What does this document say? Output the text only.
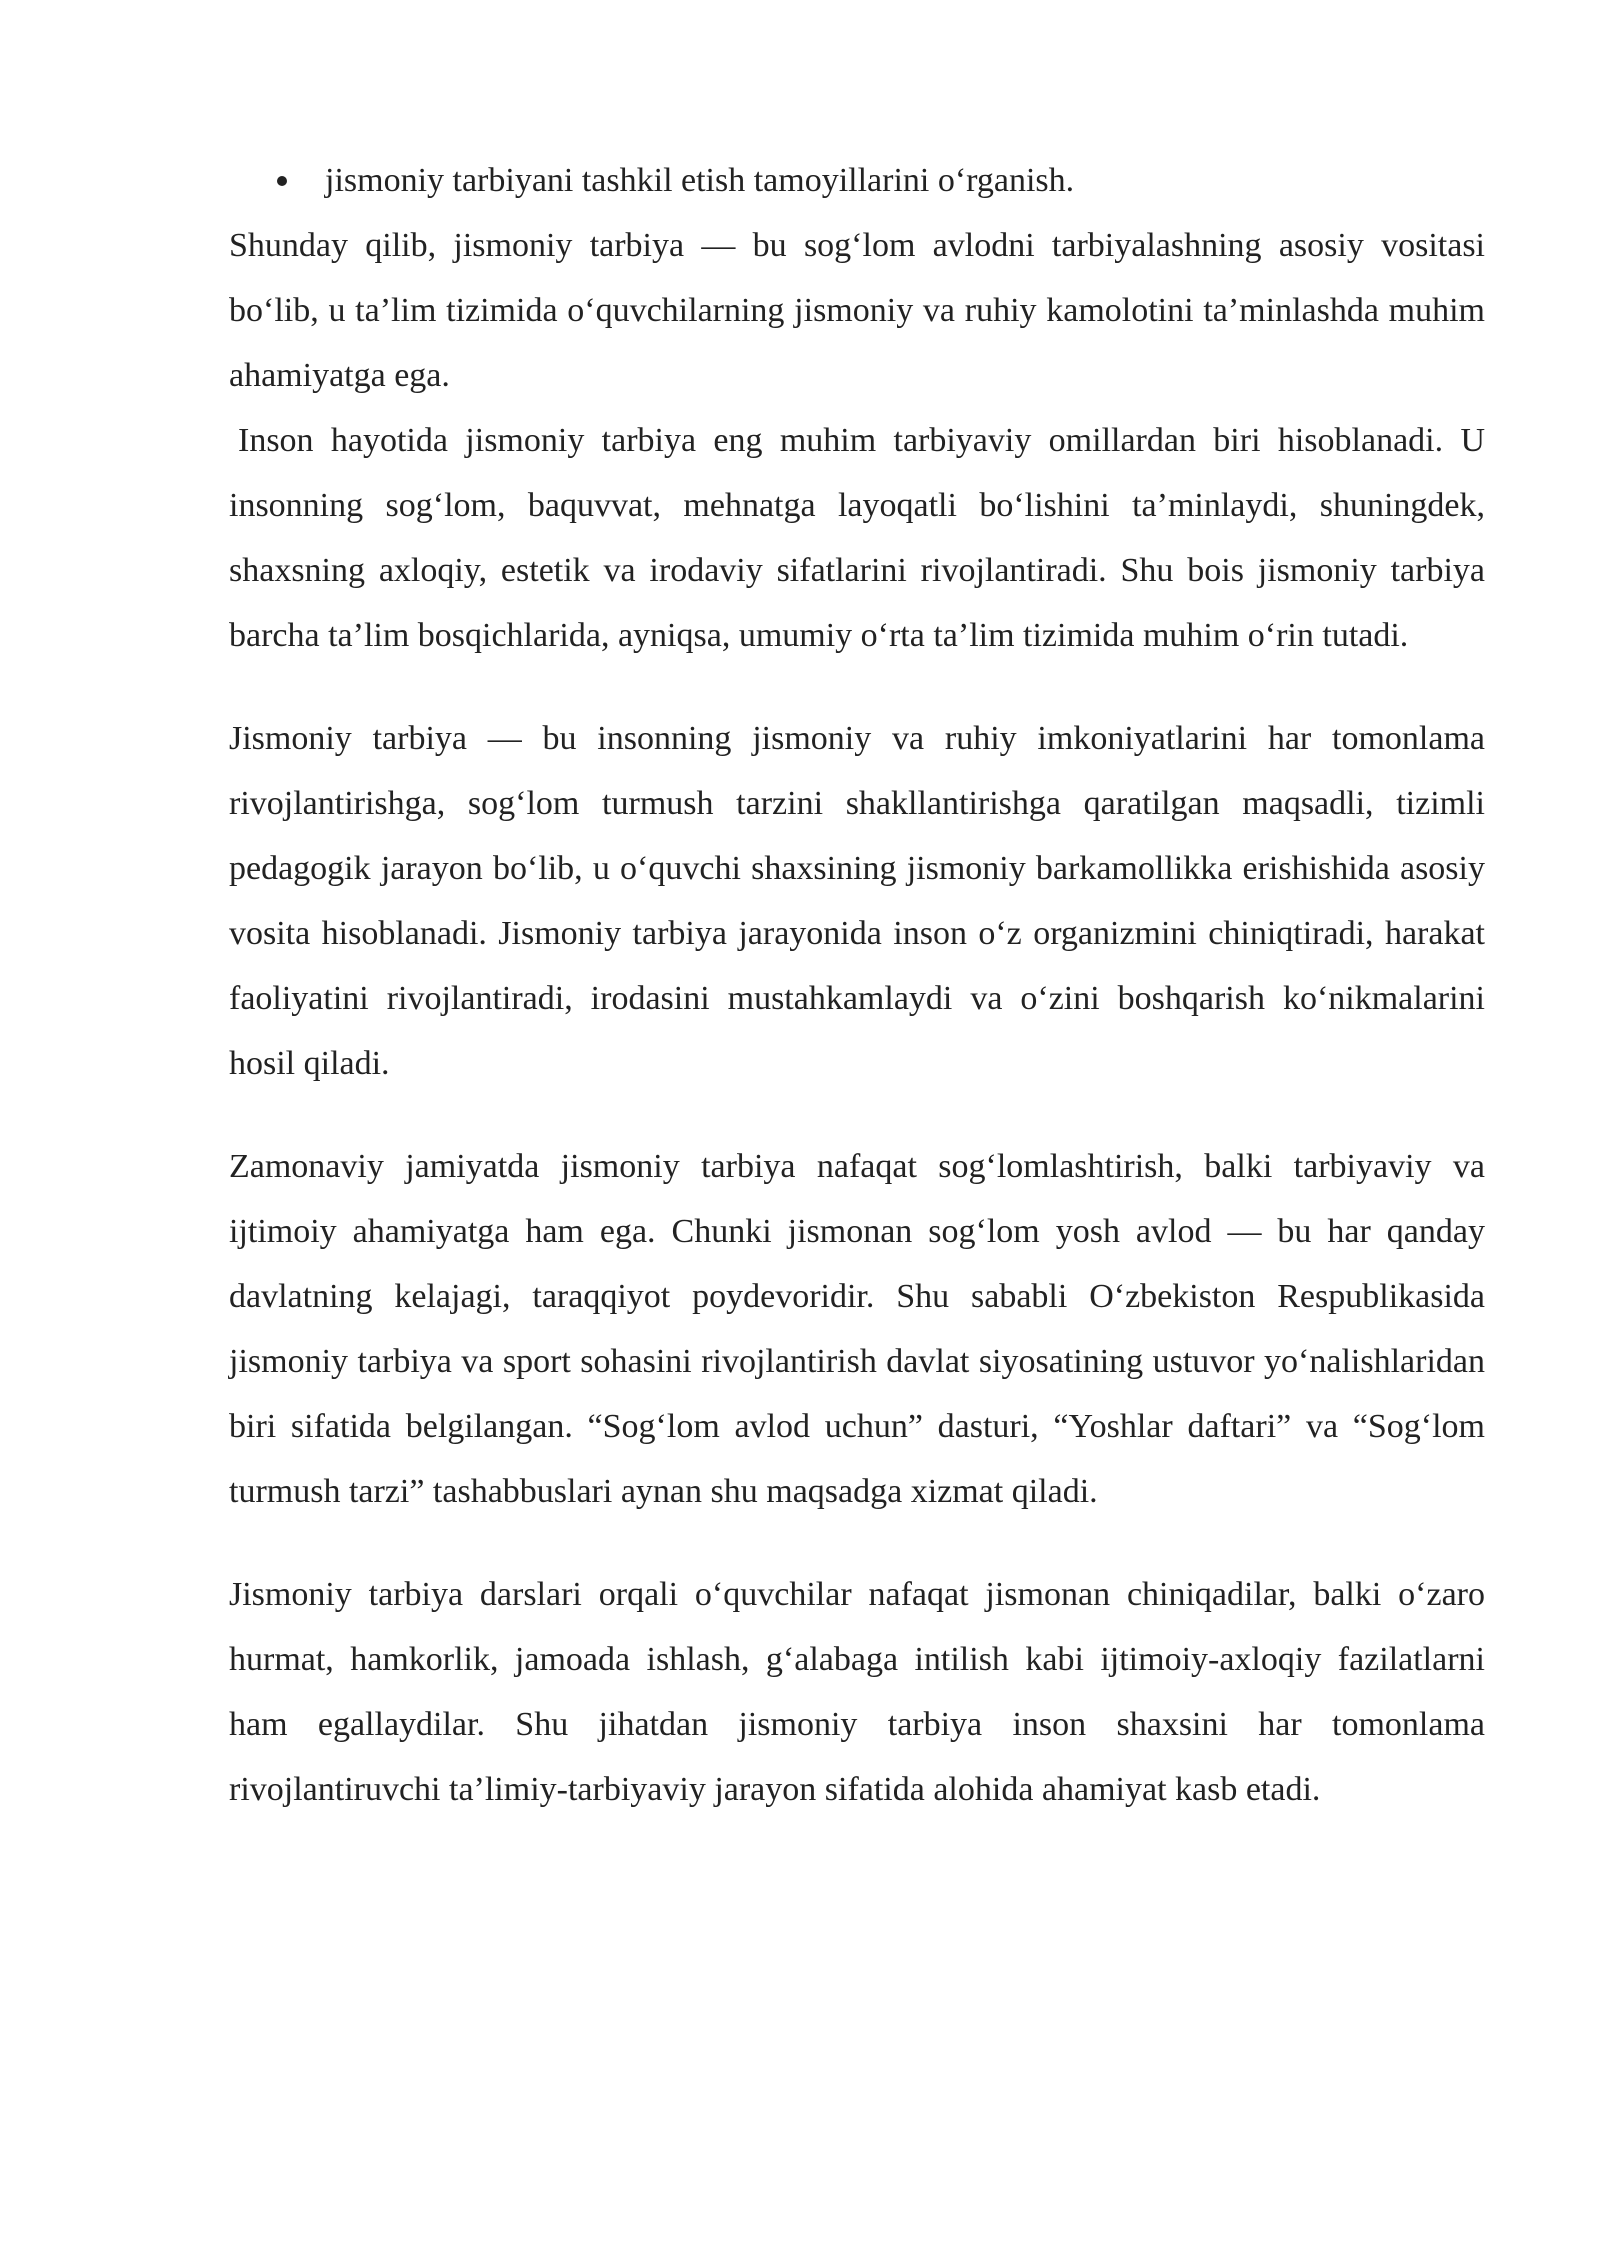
jismoniy tarbiyani tashkil etish tamoyillarini o‘rganish.

Shunday qilib, jismoniy tarbiya — bu sog‘lom avlodni tarbiyalashning asosiy vositasi bo‘lib, u ta’lim tizimida o‘quvchilarning jismoniy va ruhiy kamolotini ta’minlashda muhim ahamiyatga ega.

Inson hayotida jismoniy tarbiya eng muhim tarbiyaviy omillardan biri hisoblanadi. U insonning sog‘lom, baquvvat, mehnatga layoqatli bo‘lishini ta’minlaydi, shuningdek, shaxsning axloqiy, estetik va irodaviy sifatlarini rivojlantiradi. Shu bois jismoniy tarbiya barcha ta’lim bosqichlarida, ayniqsa, umumiy o‘rta ta’lim tizimida muhim o‘rin tutadi.

Jismoniy tarbiya — bu insonning jismoniy va ruhiy imkoniyatlarini har tomonlama rivojlantirishga, sog‘lom turmush tarzini shakllantirishga qaratilgan maqsadli, tizimli pedagogik jarayon bo‘lib, u o‘quvchi shaxsining jismoniy barkamollikka erishishida asosiy vosita hisoblanadi. Jismoniy tarbiya jarayonida inson o‘z organizmini chiniqtiradi, harakat faoliyatini rivojlantiradi, irodasini mustahkamlaydi va o‘zini boshqarish ko‘nikmalarini hosil qiladi.

Zamonaviy jamiyatda jismoniy tarbiya nafaqat sog‘lomlashtirish, balki tarbiyaviy va ijtimoiy ahamiyatga ham ega. Chunki jismonan sog‘lom yosh avlod — bu har qanday davlatning kelajagi, taraqqiyot poydevoridir. Shu sababli O‘zbekiston Respublikasida jismoniy tarbiya va sport sohasini rivojlantirish davlat siyosatining ustuvor yo‘nalishlaridan biri sifatida belgilangan. “Sog‘lom avlod uchun” dasturi, “Yoshlar daftari” va “Sog‘lom turmush tarzi” tashabbuslari aynan shu maqsadga xizmat qiladi.

Jismoniy tarbiya darslari orqali o‘quvchilar nafaqat jismonan chiniqadilar, balki o‘zaro hurmat, hamkorlik, jamoada ishlash, g‘alabaga intilish kabi ijtimoiy-axloqiy fazilatlarni ham egallaydilar. Shu jihatdan jismoniy tarbiya inson shaxsini har tomonlama rivojlantiruvchi ta’limiy-tarbiyaviy jarayon sifatida alohida ahamiyat kasb etadi.
